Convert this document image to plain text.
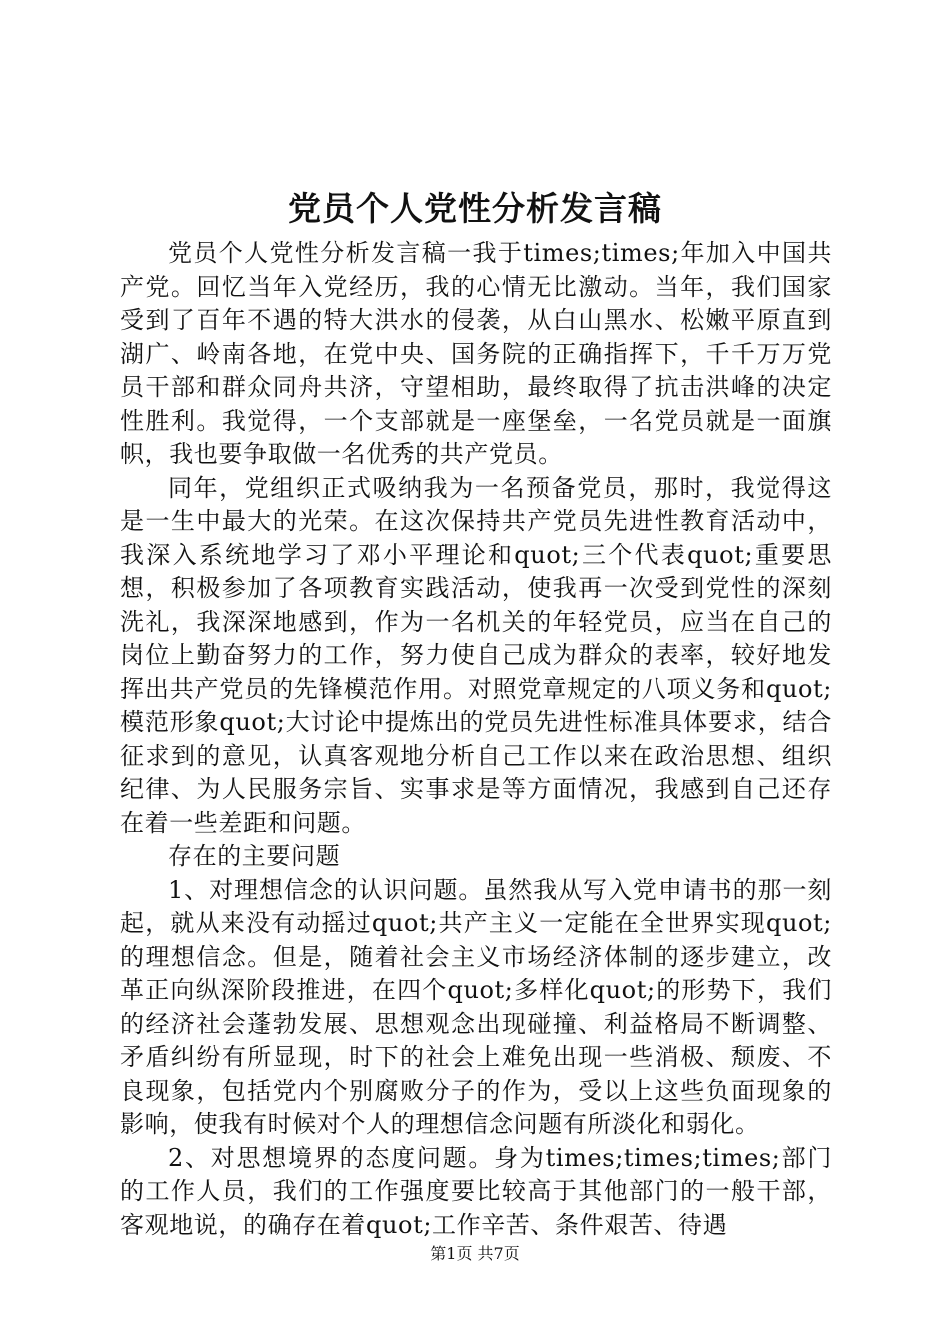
党员个人党性分析发言稿

党员个人党性分析发言稿一我于times;times;年加入中国共产党。回忆当年入党经历，我的心情无比激动。当年，我们国家受到了百年不遇的特大洪水的侵袭，从白山黑水、松嫩平原直到湖广、岭南各地，在党中央、国务院的正确指挥下，千千万万党员干部和群众同舟共济，守望相助，最终取得了抗击洪峰的决定性胜利。我觉得，一个支部就是一座堡垒，一名党员就是一面旗帜，我也要争取做一名优秀的共产党员。

同年，党组织正式吸纳我为一名预备党员，那时，我觉得这是一生中最大的光荣。在这次保持共产党员先进性教育活动中，我深入系统地学习了邓小平理论和quot;三个代表quot;重要思想，积极参加了各项教育实践活动，使我再一次受到党性的深刻洗礼，我深深地感到，作为一名机关的年轻党员，应当在自己的岗位上勤奋努力的工作，努力使自己成为群众的表率，较好地发挥出共产党员的先锋模范作用。对照党章规定的八项义务和quot;模范形象quot;大讨论中提炼出的党员先进性标准具体要求，结合征求到的意见，认真客观地分析自己工作以来在政治思想、组织纪律、为人民服务宗旨、实事求是等方面情况，我感到自己还存在着一些差距和问题。

存在的主要问题

1、对理想信念的认识问题。虽然我从写入党申请书的那一刻起，就从来没有动摇过quot;共产主义一定能在全世界实现quot;的理想信念。但是，随着社会主义市场经济体制的逐步建立，改革正向纵深阶段推进，在四个quot;多样化quot;的形势下，我们的经济社会蓬勃发展、思想观念出现碰撞、利益格局不断调整、矛盾纠纷有所显现，时下的社会上难免出现一些消极、颓废、不良现象，包括党内个别腐败分子的作为，受以上这些负面现象的影响，使我有时候对个人的理想信念问题有所淡化和弱化。

2、对思想境界的态度问题。身为times;times;times;部门的工作人员，我们的工作强度要比较高于其他部门的一般干部，客观地说，的确存在着quot;工作辛苦、条件艰苦、待遇

第1页 共7页
